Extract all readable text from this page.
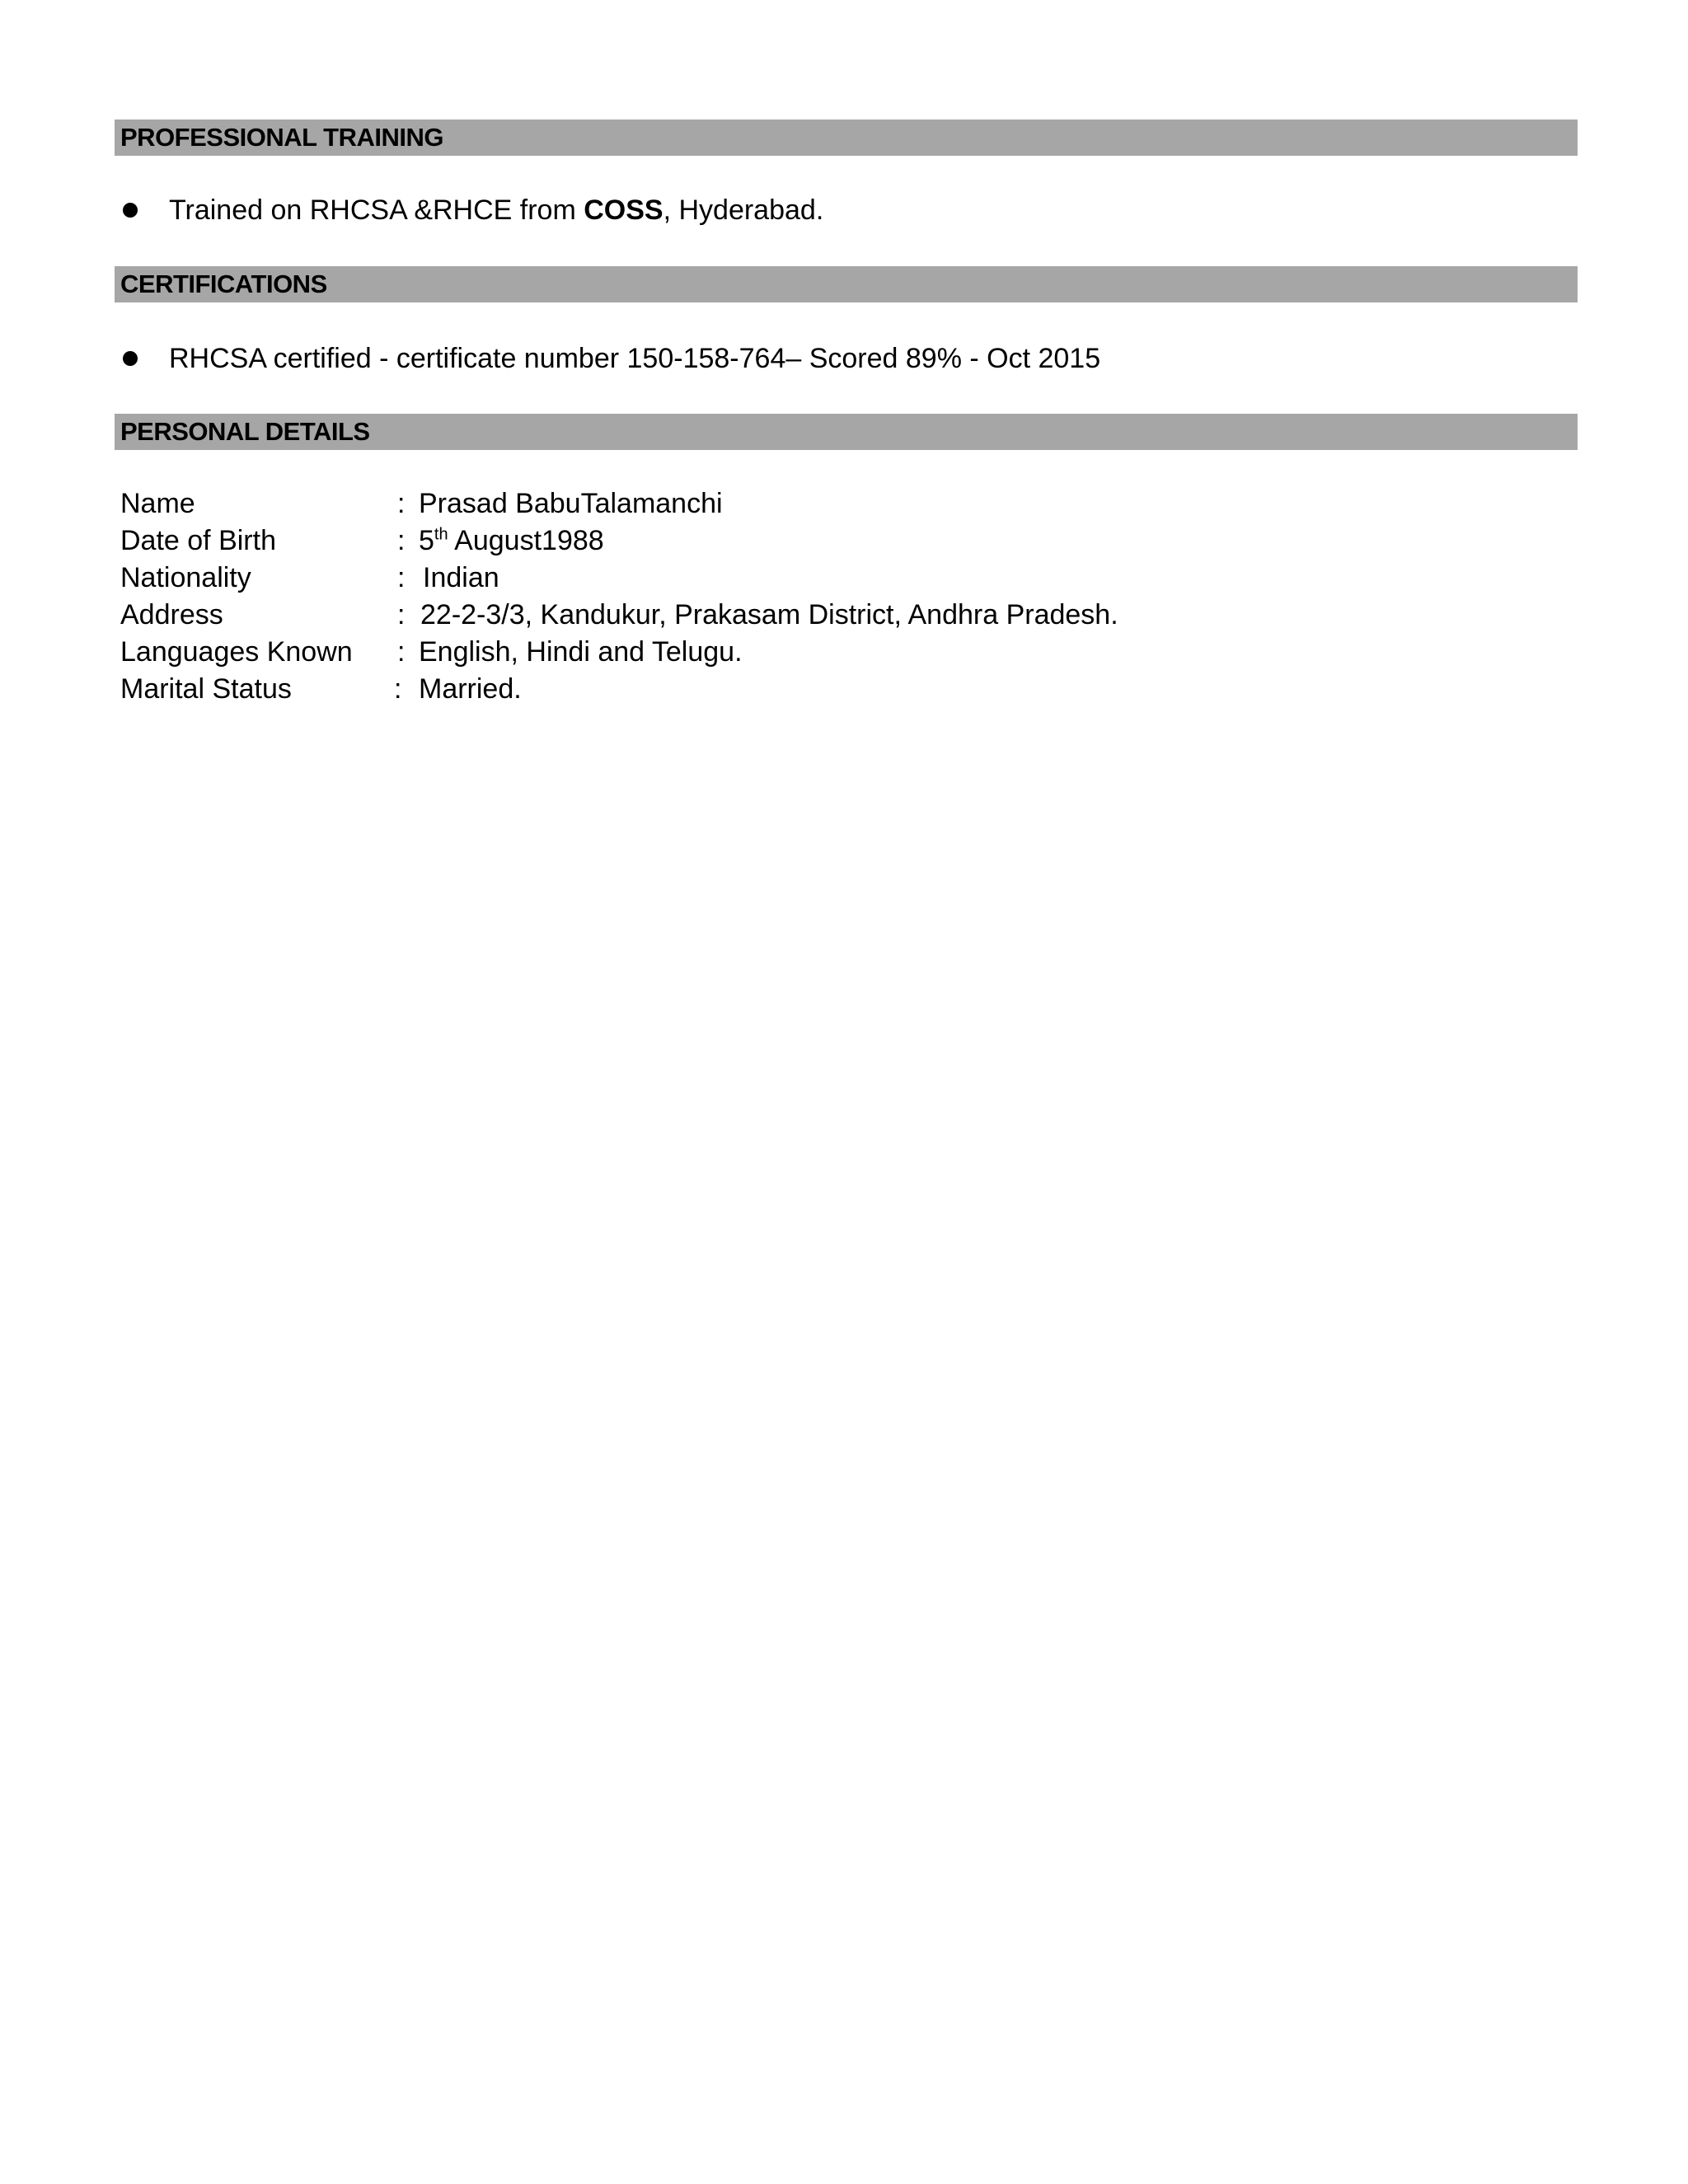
PROFESSIONAL TRAINING
Trained on RHCSA &RHCE from COSS, Hyderabad.
CERTIFICATIONS
RHCSA certified - certificate number 150-158-764– Scored 89% - Oct 2015
PERSONAL DETAILS
Name	: Prasad BabuTalamanchi
Date of Birth	: 5th August1988
Nationality	: Indian
Address	: 22-2-3/3, Kandukur, Prakasam District, Andhra Pradesh.
Languages Known : English, Hindi and Telugu.
Marital Status	: Married.
